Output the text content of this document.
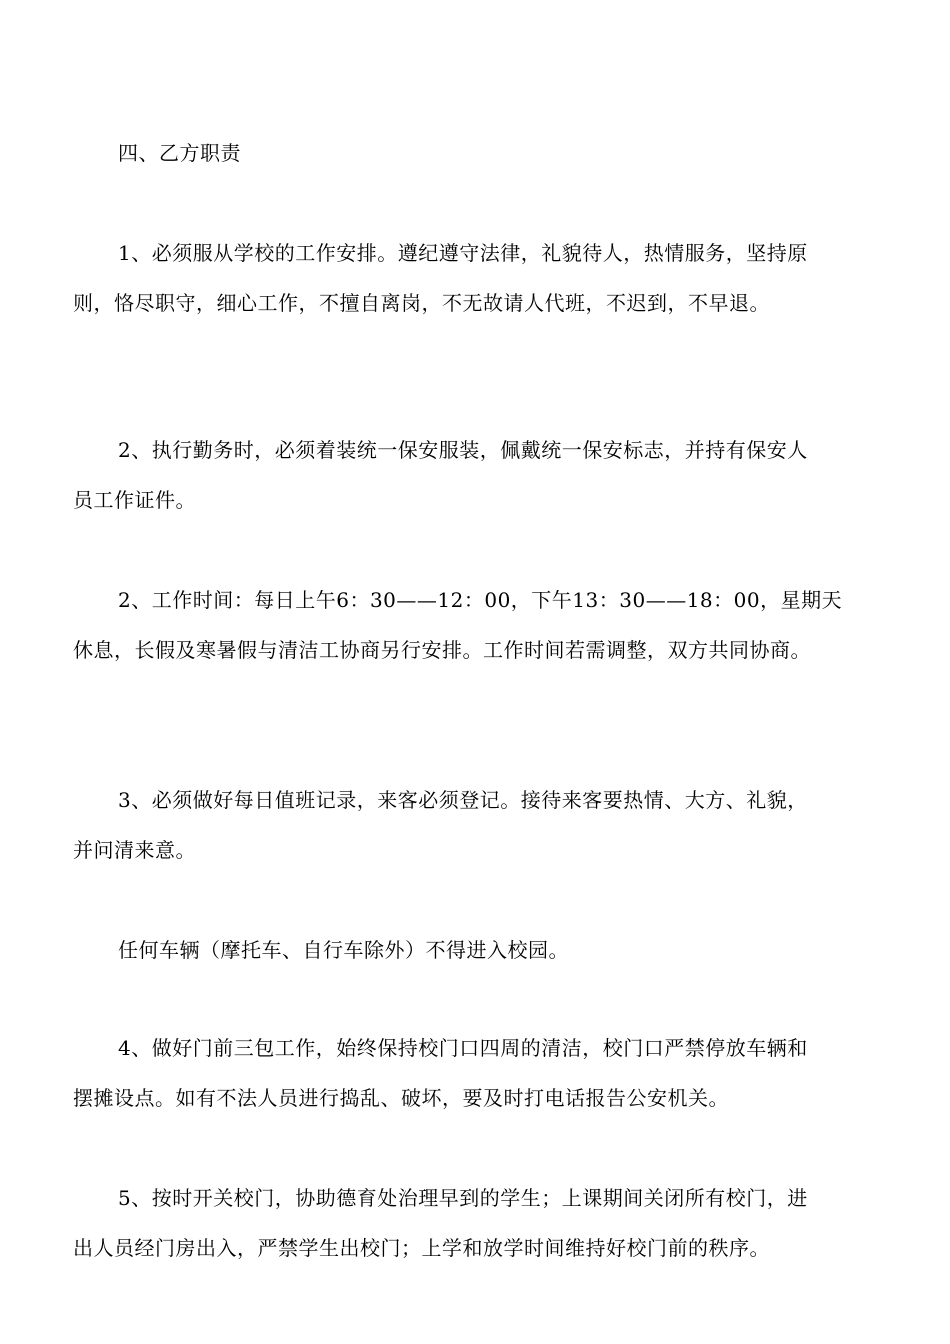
四、乙方职责
1、必须服从学校的工作安排。遵纪遵守法律，礼貌待人，热情服务，坚持原
则，恪尽职守，细心工作，不擅自离岗，不无故请人代班，不迟到，不早退。
2、执行勤务时，必须着装统一保安服装，佩戴统一保安标志，并持有保安人
员工作证件。
2、工作时间：每日上午6：30——12：00，下午13：30——18：00，星期天
休息，长假及寒暑假与清洁工协商另行安排。工作时间若需调整，双方共同协商。
3、必须做好每日值班记录，来客必须登记。接待来客要热情、大方、礼貌，
并问清来意。
任何车辆（摩托车、自行车除外）不得进入校园。
4、做好门前三包工作，始终保持校门口四周的清洁，校门口严禁停放车辆和
摆摊设点。如有不法人员进行捣乱、破坏，要及时打电话报告公安机关。
5、按时开关校门，协助德育处治理早到的学生；上课期间关闭所有校门，进
出人员经门房出入，严禁学生出校门；上学和放学时间维持好校门前的秩序。
